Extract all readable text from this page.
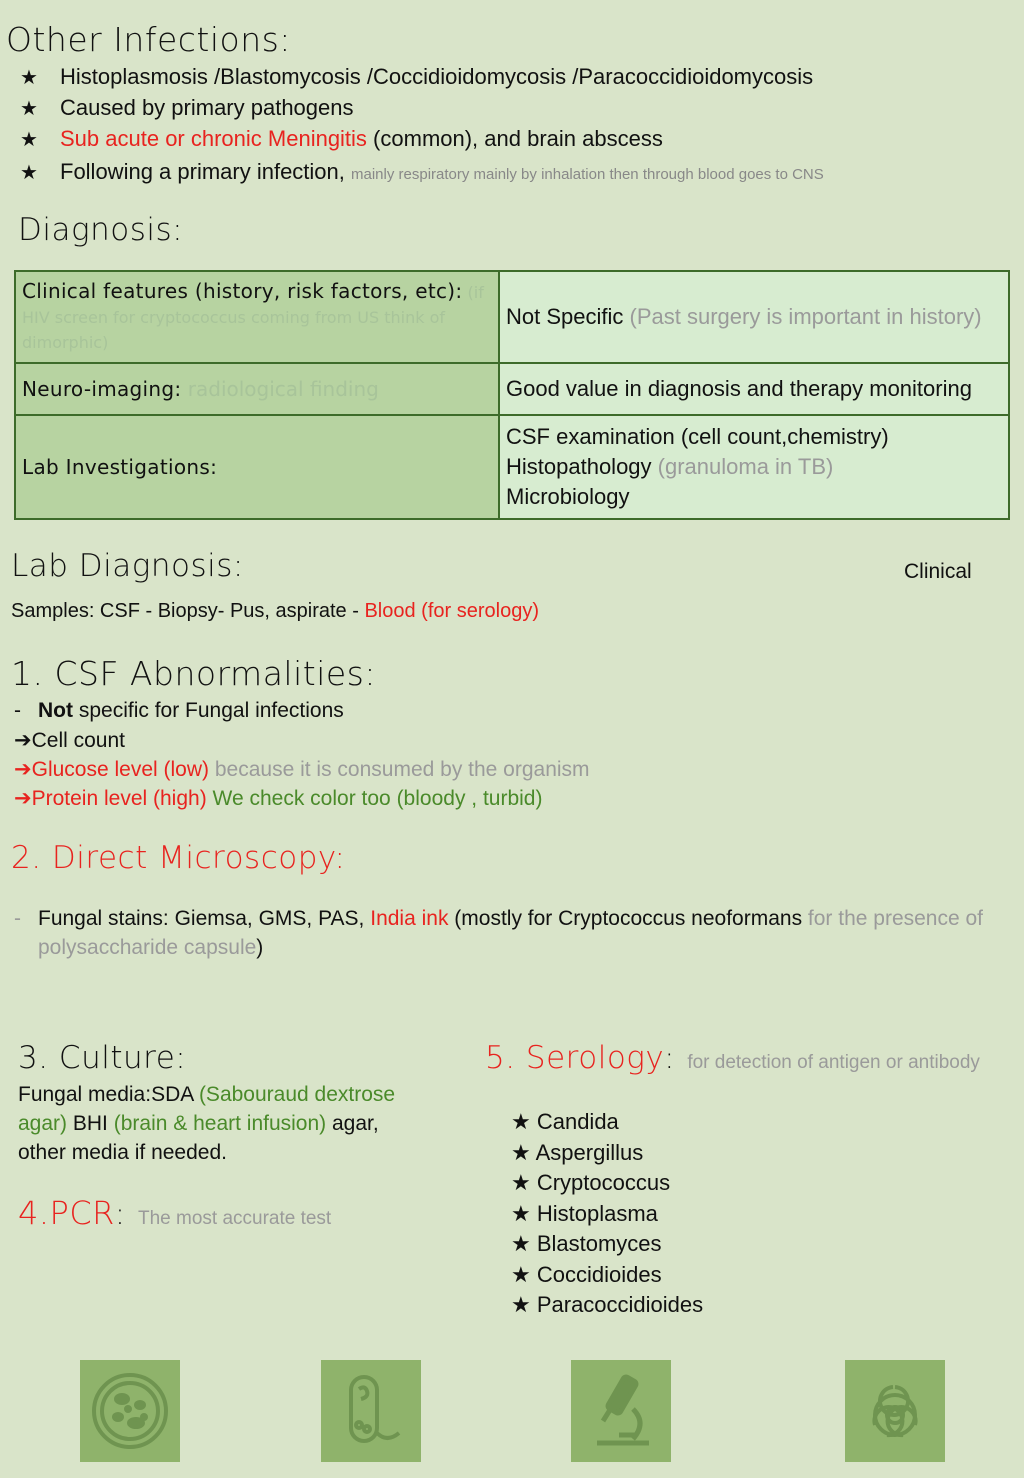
Other Infections:
★ Histoplasmosis /Blastomycosis /Coccidioidomycosis /Paracoccidioidomycosis
★ Caused by primary pathogens
★ Sub acute or chronic Meningitis (common), and brain abscess
★ Following a primary infection, mainly respiratory mainly by inhalation then through blood goes to CNS
Diagnosis:
Clinical features (history, risk factors, etc): (if HIV screen for cryptococcus coming from US think of dimorphic)	Not Specific (Past surgery is important in history)
Neuro-imaging: radiological finding	Good value in diagnosis and therapy monitoring
Lab Investigations:	CSF examination (cell count,chemistry)
Histopathology (granuloma in TB)
Microbiology
Lab Diagnosis:	Clinical
Samples: CSF - Biopsy- Pus, aspirate - Blood (for serology)
1. CSF Abnormalities:
- Not specific for Fungal infections
➔Cell count
➔Glucose level (low) because it is consumed by the organism
➔Protein level (high) We check color too (bloody , turbid)
2. Direct Microscopy:
- Fungal stains: Giemsa, GMS, PAS, India ink (mostly for Cryptococcus neoformans for the presence of
polysaccharide capsule)
3. Culture:
Fungal media:SDA (Sabouraud dextrose
agar) BHI (brain & heart infusion) agar,
other media if needed.
4.PCR: The most accurate test
5. Serology: for detection of antigen or antibody
★ Candida
★ Aspergillus
★ Cryptococcus
★ Histoplasma
★ Blastomyces
★ Coccidioides
★ Paracoccidioides
